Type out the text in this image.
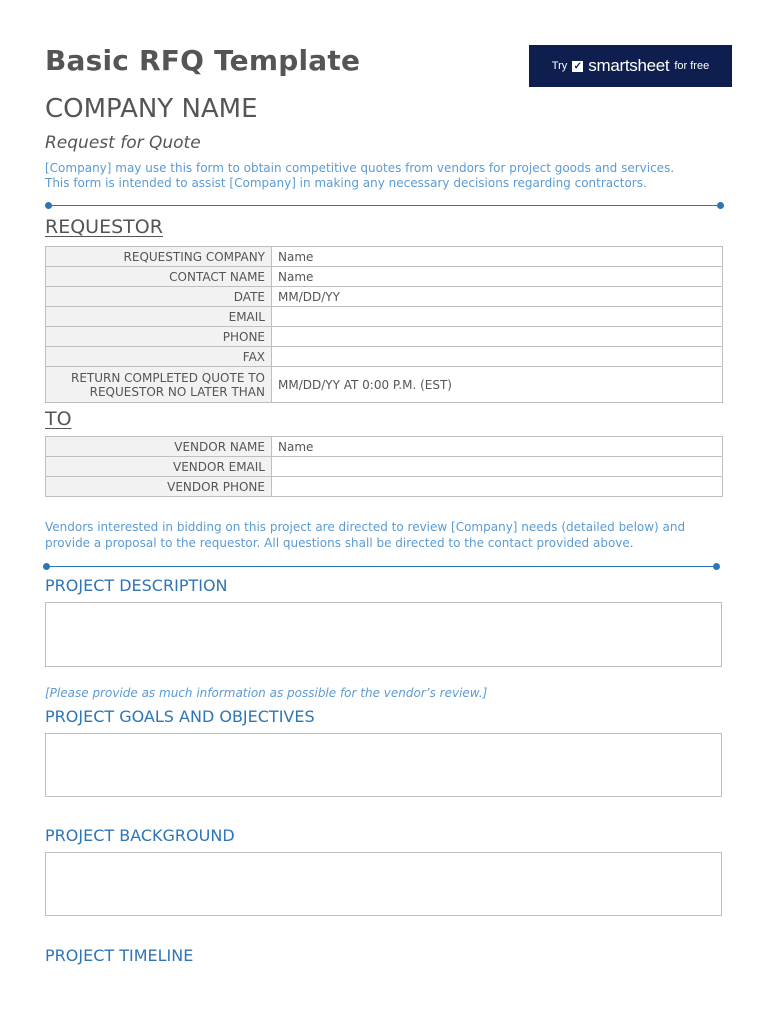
Basic RFQ Template	Try ✓ smartsheet for free
COMPANY NAME
Request for Quote
[Company] may use this form to obtain competitive quotes from vendors for project goods and services.
This form is intended to assist [Company] in making any necessary decisions regarding contractors.
REQUESTOR
REQUESTING COMPANY	Name
CONTACT NAME	Name
DATE	MM/DD/YY
EMAIL	
PHONE	
FAX	
RETURN COMPLETED QUOTE TO REQUESTOR NO LATER THAN	MM/DD/YY AT 0:00 P.M. (EST)
TO
VENDOR NAME	Name
VENDOR EMAIL	
VENDOR PHONE	
Vendors interested in bidding on this project are directed to review [Company] needs (detailed below) and
provide a proposal to the requestor. All questions shall be directed to the contact provided above.
PROJECT DESCRIPTION
[Please provide as much information as possible for the vendor’s review.]
PROJECT GOALS AND OBJECTIVES
PROJECT BACKGROUND
PROJECT TIMELINE
